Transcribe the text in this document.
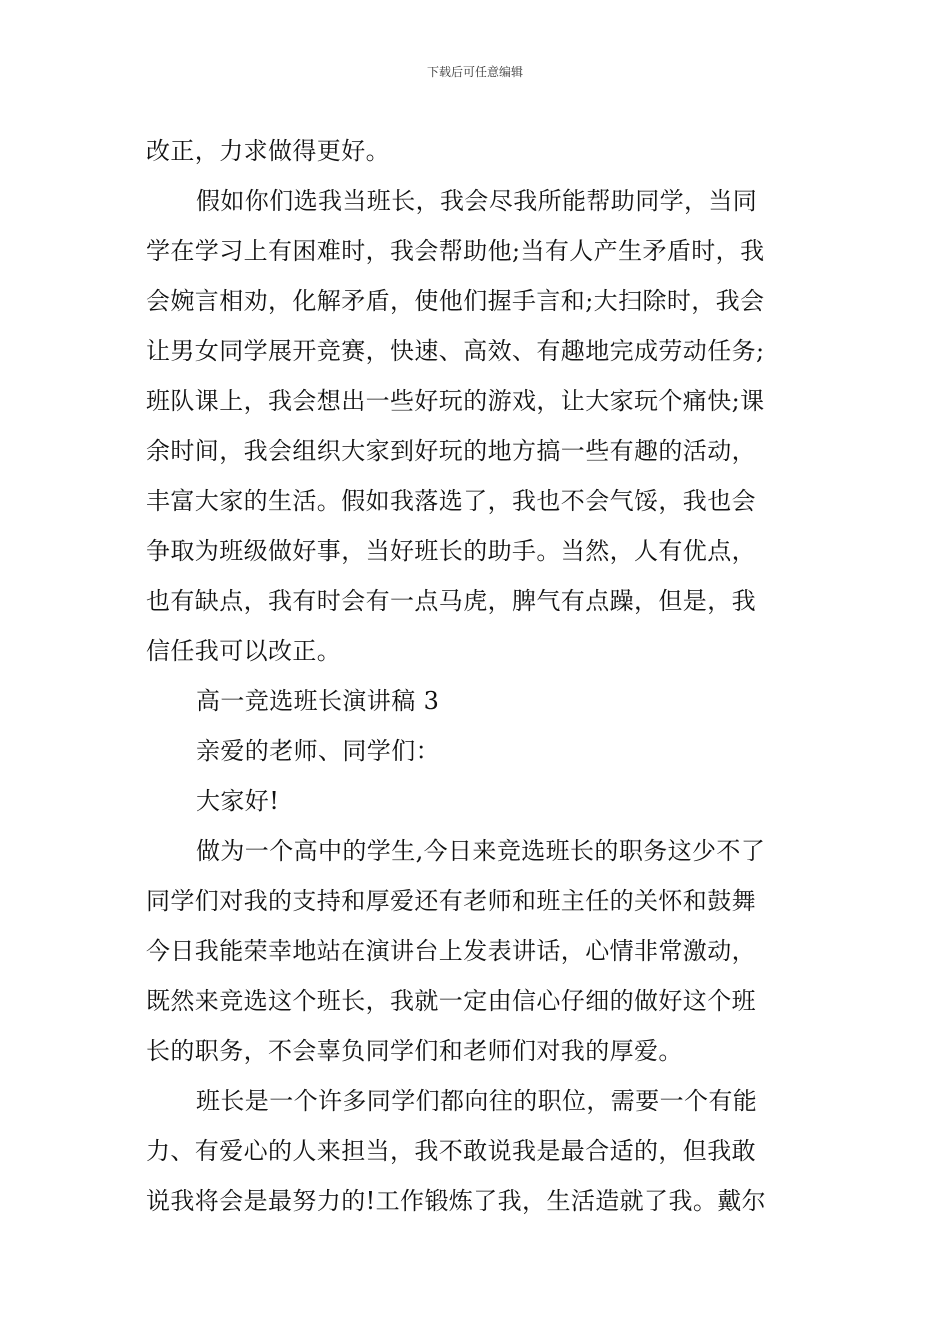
下载后可任意编辑
改正，力求做得更好。
假如你们选我当班长，我会尽我所能帮助同学，当同
学在学习上有困难时，我会帮助他;当有人产生矛盾时，我
会婉言相劝，化解矛盾，使他们握手言和;大扫除时，我会
让男女同学展开竞赛，快速、高效、有趣地完成劳动任务;
班队课上，我会想出一些好玩的游戏，让大家玩个痛快;课
余时间，我会组织大家到好玩的地方搞一些有趣的活动，
丰富大家的生活。假如我落选了，我也不会气馁，我也会
争取为班级做好事，当好班长的助手。当然，人有优点，
也有缺点，我有时会有一点马虎，脾气有点躁，但是，我
信任我可以改正。
高一竞选班长演讲稿 3
亲爱的老师、同学们：
大家好!
做为一个高中的学生,今日来竞选班长的职务这少不了
同学们对我的支持和厚爱还有老师和班主任的关怀和鼓舞
今日我能荣幸地站在演讲台上发表讲话，心情非常激动，
既然来竞选这个班长，我就一定由信心仔细的做好这个班
长的职务，不会辜负同学们和老师们对我的厚爱。
班长是一个许多同学们都向往的职位，需要一个有能
力、有爱心的人来担当，我不敢说我是最合适的，但我敢
说我将会是最努力的!工作锻炼了我，生活造就了我。戴尔
